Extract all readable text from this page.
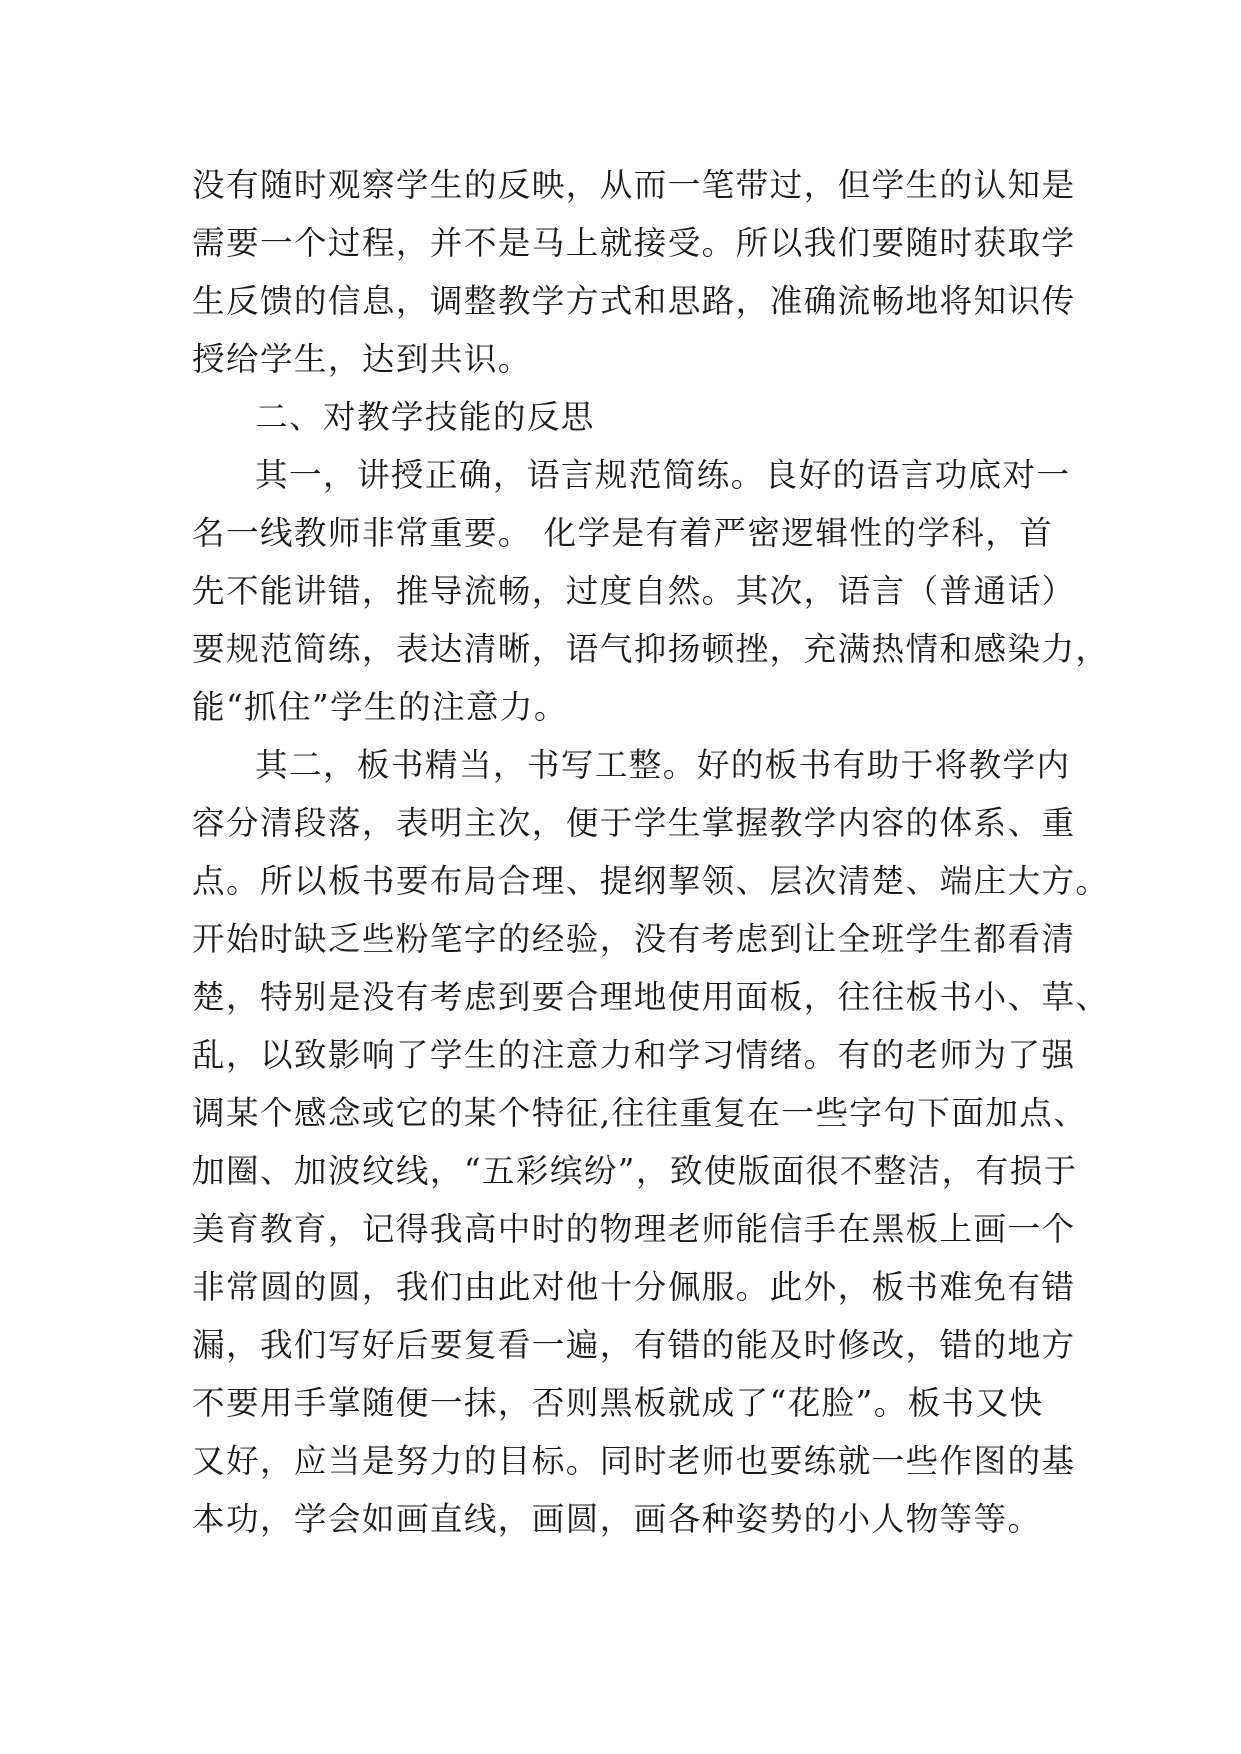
没有随时观察学生的反映，从而一笔带过，但学生的认知是
需要一个过程，并不是马上就接受。所以我们要随时获取学
生反馈的信息，调整教学方式和思路，准确流畅地将知识传
授给学生，达到共识。
二、对教学技能的反思
其一，讲授正确，语言规范简练。良好的语言功底对一
名一线教师非常重要。 化学是有着严密逻辑性的学科，首
先不能讲错，推导流畅，过度自然。其次，语言（普通话）
要规范简练，表达清晰，语气抑扬顿挫，充满热情和感染力，
能“抓住”学生的注意力。
其二，板书精当，书写工整。好的板书有助于将教学内
容分清段落，表明主次，便于学生掌握教学内容的体系、重
点。所以板书要布局合理、提纲挈领、层次清楚、端庄大方。
开始时缺乏些粉笔字的经验，没有考虑到让全班学生都看清
楚，特别是没有考虑到要合理地使用面板，往往板书小、草、
乱，以致影响了学生的注意力和学习情绪。有的老师为了强
调某个感念或它的某个特征,往往重复在一些字句下面加点、
加圈、加波纹线，“五彩缤纷”，致使版面很不整洁，有损于
美育教育，记得我高中时的物理老师能信手在黑板上画一个
非常圆的圆，我们由此对他十分佩服。此外，板书难免有错
漏，我们写好后要复看一遍，有错的能及时修改，错的地方
不要用手掌随便一抹，否则黑板就成了“花脸”。板书又快
又好，应当是努力的目标。同时老师也要练就一些作图的基
本功，学会如画直线，画圆，画各种姿势的小人物等等。
